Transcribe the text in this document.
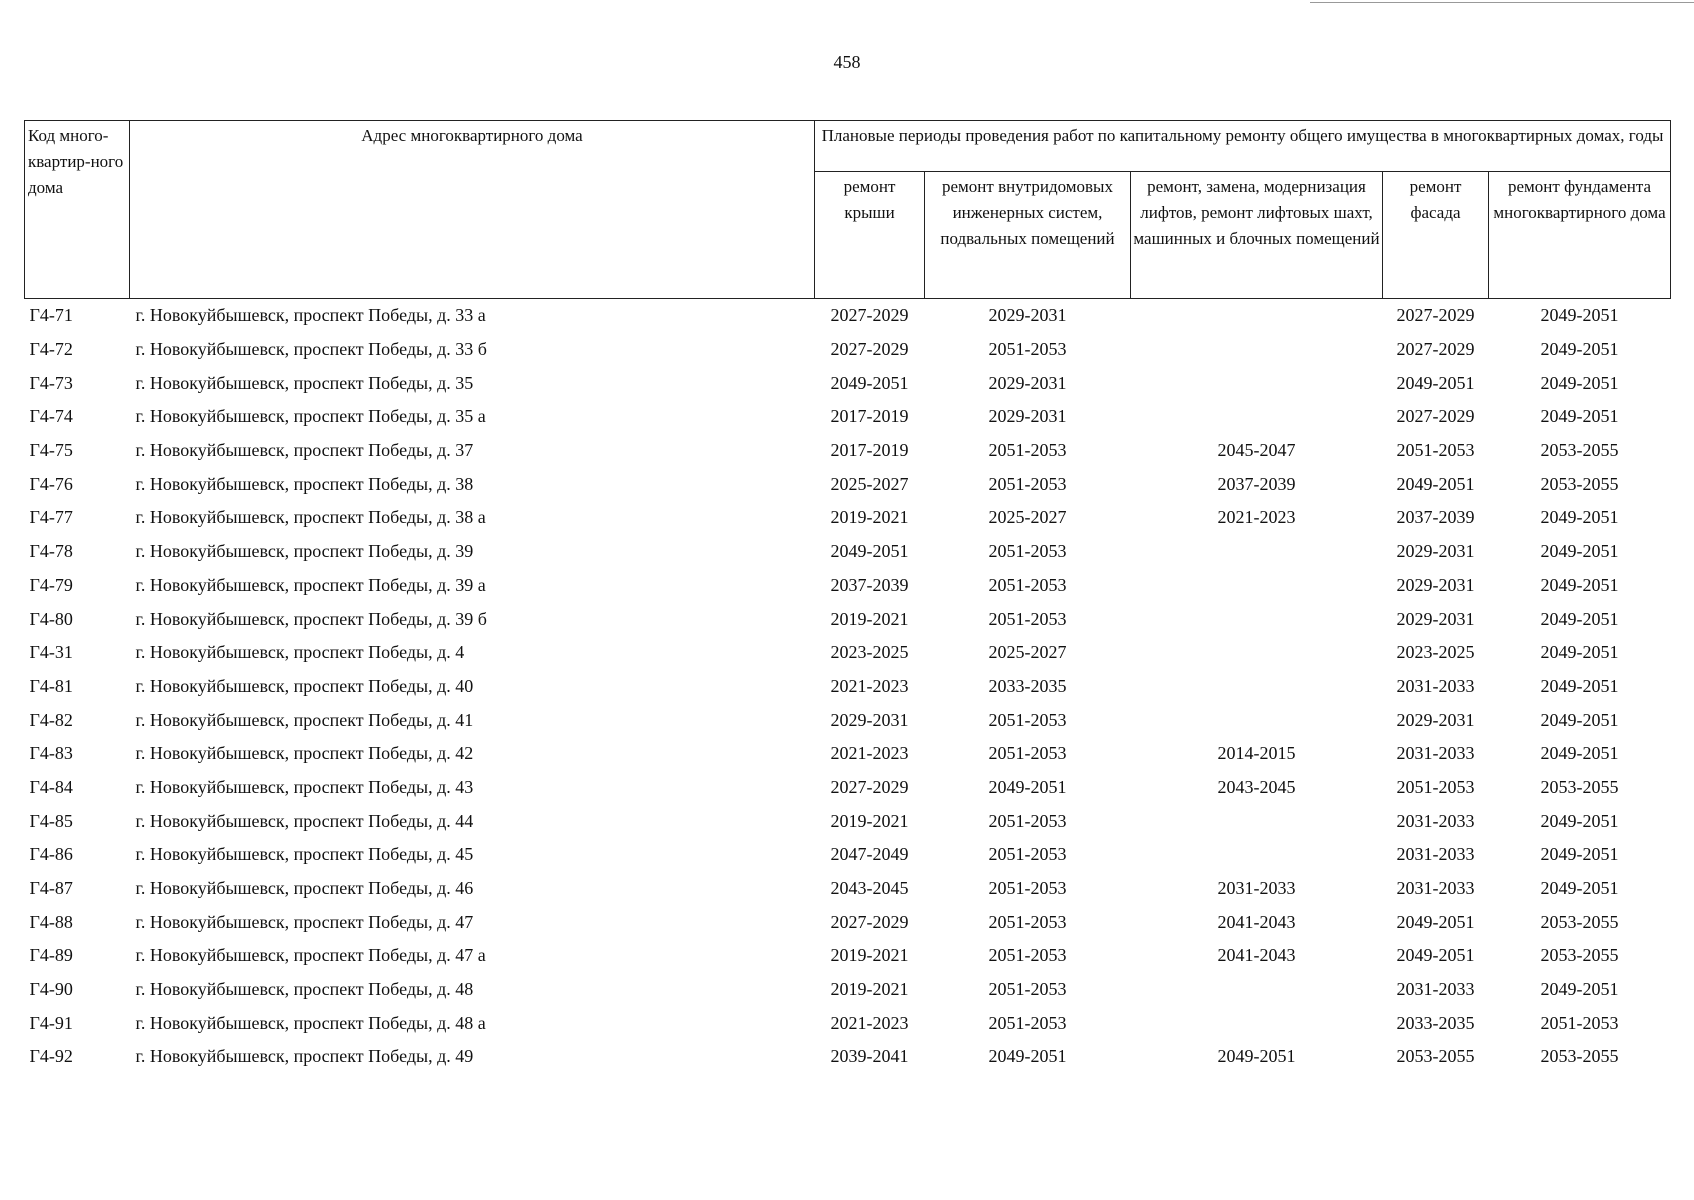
458
Код много-квартир-ного дома	Адрес многоквартирного дома	Плановые периоды проведения работ по капитальному ремонту общего имущества в многоквартирных домах, годы				
		ремонт крыши	ремонт внутридомовых инженерных систем, подвальных помещений	ремонт, замена, модернизация лифтов, ремонт лифтовых шахт, машинных и блочных помещений	ремонт фасада	ремонт фундамента многоквартирного дома
Г4-71	г. Новокуйбышевск, проспект Победы, д. 33 а	2027-2029	2029-2031		2027-2029	2049-2051
Г4-72	г. Новокуйбышевск, проспект Победы, д. 33 б	2027-2029	2051-2053		2027-2029	2049-2051
Г4-73	г. Новокуйбышевск, проспект Победы, д. 35	2049-2051	2029-2031		2049-2051	2049-2051
Г4-74	г. Новокуйбышевск, проспект Победы, д. 35 а	2017-2019	2029-2031		2027-2029	2049-2051
Г4-75	г. Новокуйбышевск, проспект Победы, д. 37	2017-2019	2051-2053	2045-2047	2051-2053	2053-2055
Г4-76	г. Новокуйбышевск, проспект Победы, д. 38	2025-2027	2051-2053	2037-2039	2049-2051	2053-2055
Г4-77	г. Новокуйбышевск, проспект Победы, д. 38 а	2019-2021	2025-2027	2021-2023	2037-2039	2049-2051
Г4-78	г. Новокуйбышевск, проспект Победы, д. 39	2049-2051	2051-2053		2029-2031	2049-2051
Г4-79	г. Новокуйбышевск, проспект Победы, д. 39 а	2037-2039	2051-2053		2029-2031	2049-2051
Г4-80	г. Новокуйбышевск, проспект Победы, д. 39 б	2019-2021	2051-2053		2029-2031	2049-2051
Г4-31	г. Новокуйбышевск, проспект Победы, д. 4	2023-2025	2025-2027		2023-2025	2049-2051
Г4-81	г. Новокуйбышевск, проспект Победы, д. 40	2021-2023	2033-2035		2031-2033	2049-2051
Г4-82	г. Новокуйбышевск, проспект Победы, д. 41	2029-2031	2051-2053		2029-2031	2049-2051
Г4-83	г. Новокуйбышевск, проспект Победы, д. 42	2021-2023	2051-2053	2014-2015	2031-2033	2049-2051
Г4-84	г. Новокуйбышевск, проспект Победы, д. 43	2027-2029	2049-2051	2043-2045	2051-2053	2053-2055
Г4-85	г. Новокуйбышевск, проспект Победы, д. 44	2019-2021	2051-2053		2031-2033	2049-2051
Г4-86	г. Новокуйбышевск, проспект Победы, д. 45	2047-2049	2051-2053		2031-2033	2049-2051
Г4-87	г. Новокуйбышевск, проспект Победы, д. 46	2043-2045	2051-2053	2031-2033	2031-2033	2049-2051
Г4-88	г. Новокуйбышевск, проспект Победы, д. 47	2027-2029	2051-2053	2041-2043	2049-2051	2053-2055
Г4-89	г. Новокуйбышевск, проспект Победы, д. 47 а	2019-2021	2051-2053	2041-2043	2049-2051	2053-2055
Г4-90	г. Новокуйбышевск, проспект Победы, д. 48	2019-2021	2051-2053		2031-2033	2049-2051
Г4-91	г. Новокуйбышевск, проспект Победы, д. 48 а	2021-2023	2051-2053		2033-2035	2051-2053
Г4-92	г. Новокуйбышевск, проспект Победы, д. 49	2039-2041	2049-2051	2049-2051	2053-2055	2053-2055
